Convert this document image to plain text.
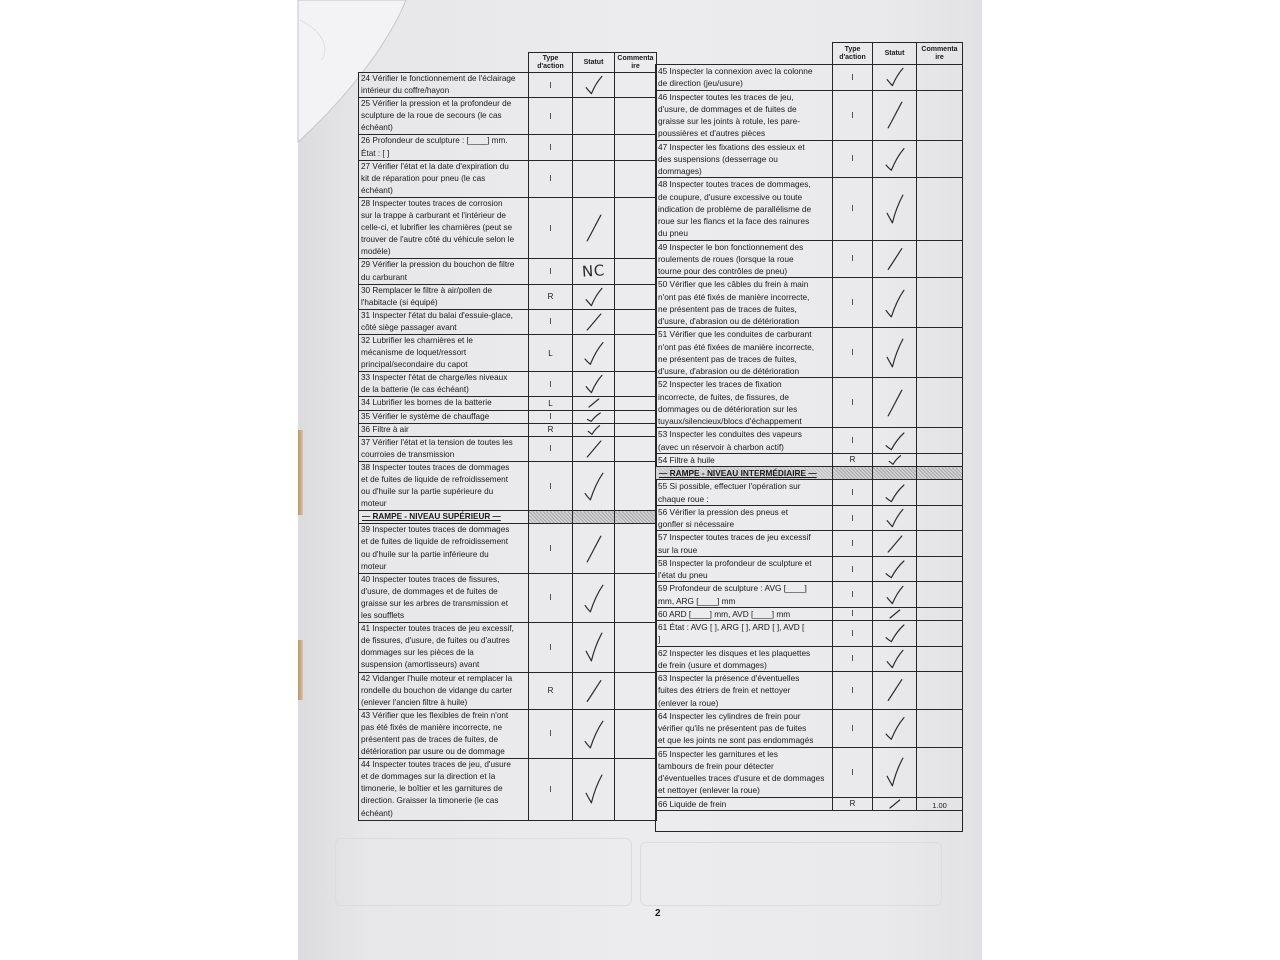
	Type
d'action	Statut	Commenta
ire
24 Vérifier le fonctionnement de l'éclairage
intérieur du coffre/hayon	I	

25 Vérifier la pression et la profondeur de
sculpture de la roue de secours (le cas
échéant)	I		
26 Profondeur de sculpture : [____] mm.
État : [ ]	I		
27 Vérifier l'état et la date d'expiration du
kit de réparation pour pneu (le cas
échéant)	I		
28 Inspecter toutes traces de corrosion
sur la trappe à carburant et l'intérieur de
celle-ci, et lubrifier les charnières (peut se
trouver de l'autre côté du véhicule selon le
modèle)	I	

29 Vérifier la pression du bouchon de filtre
du carburant	I	NC	
30 Remplacer le filtre à air/pollen de
l'habitacle (si équipé)	R	

31 Inspecter l'état du balai d'essuie-glace,
côté siège passager avant	I	

32 Lubrifier les charnières et le
mécanisme de loquet/ressort
principal/secondaire du capot	L	

33 Inspecter l'état de charge/les niveaux
de la batterie (le cas échéant)	I	

34 Lubrifier les bornes de la batterie	L	

35 Vérifier le système de chauffage	I	

36 Filtre à air	R	

37 Vérifier l'état et la tension de toutes les
courroies de transmission	I	

38 Inspecter toutes traces de dommages
et de fuites de liquide de refroidissement
ou d'huile sur la partie supérieure du
moteur	I	

— RAMPE - NIVEAU SUPÉRIEUR —			
39 Inspecter toutes traces de dommages
et de fuites de liquide de refroidissement
ou d'huile sur la partie inférieure du
moteur	I	

40 Inspecter toutes traces de fissures,
d'usure, de dommages et de fuites de
graisse sur les arbres de transmission et
les soufflets	I	

41 Inspecter toutes traces de jeu excessif,
de fissures, d'usure, de fuites ou d'autres
dommages sur les pièces de la
suspension (amortisseurs) avant	I	

42 Vidanger l'huile moteur et remplacer la
rondelle du bouchon de vidange du carter
(enlever l'ancien filtre à huile)	R	

43 Vérifier que les flexibles de frein n'ont
pas été fixés de manière incorrecte, ne
présentent pas de traces de fuites, de
détérioration par usure ou de dommage	I	

44 Inspecter toutes traces de jeu, d'usure
et de dommages sur la direction et la
timonerie, le boîtier et les garnitures de
direction. Graisser la timonerie (le cas
échéant)	I	

	Type
d'action	Statut	Commenta
ire
45 Inspecter la connexion avec la colonne
de direction (jeu/usure)	I	

46 Inspecter toutes les traces de jeu,
d'usure, de dommages et de fuites de
graisse sur les joints à rotule, les pare-
poussières et d'autres pièces	I	

47 Inspecter les fixations des essieux et
des suspensions (desserrage ou
dommages)	I	

48 Inspecter toutes traces de dommages,
de coupure, d'usure excessive ou toute
indication de problème de parallélisme de
roue sur les flancs et la face des rainures
du pneu	I	

49 Inspecter le bon fonctionnement des
roulements de roues (lorsque la roue
tourne pour des contrôles de pneu)	I	

50 Vérifier que les câbles du frein à main
n'ont pas été fixés de manière incorrecte,
ne présentent pas de traces de fuites,
d'usure, d'abrasion ou de détérioration	I	

51 Vérifier que les conduites de carburant
n'ont pas été fixées de manière incorrecte,
ne présentent pas de traces de fuites,
d'usure, d'abrasion ou de détérioration	I	

52 Inspecter les traces de fixation
incorrecte, de fuites, de fissures, de
dommages ou de détérioration sur les
tuyaux/silencieux/blocs d'échappement	I	

53 Inspecter les conduites des vapeurs
(avec un réservoir à charbon actif)	I	

54 Filtre à huile	R	

— RAMPE - NIVEAU INTERMÉDIAIRE —			
55 Si possible, effectuer l'opération sur
chaque roue :	I	

56 Vérifier la pression des pneus et
gonfler si nécessaire	I	

57 Inspecter toutes traces de jeu excessif
sur la roue	I	

58 Inspecter la profondeur de sculpture et
l'état du pneu	I	

59 Profondeur de sculpture : AVG [____]
mm, ARG [____] mm	I	

60 ARD [____] mm, AVD [____] mm	I	

61 État : AVG [ ], ARG [ ], ARD [ ], AVD [
]	I	

62 Inspecter les disques et les plaquettes
de frein (usure et dommages)	I	

63 Inspecter la présence d'éventuelles
fuites des étriers de frein et nettoyer
(enlever la roue)	I	

64 Inspecter les cylindres de frein pour
vérifier qu'ils ne présentent pas de fuites
et que les joints ne sont pas endommagés	I	

65 Inspecter les garnitures et les
tambours de frein pour détecter
d'éventuelles traces d'usure et de dommages
et nettoyer (enlever la roue)	I	

66 Liquide de frein	R		1.00

2
